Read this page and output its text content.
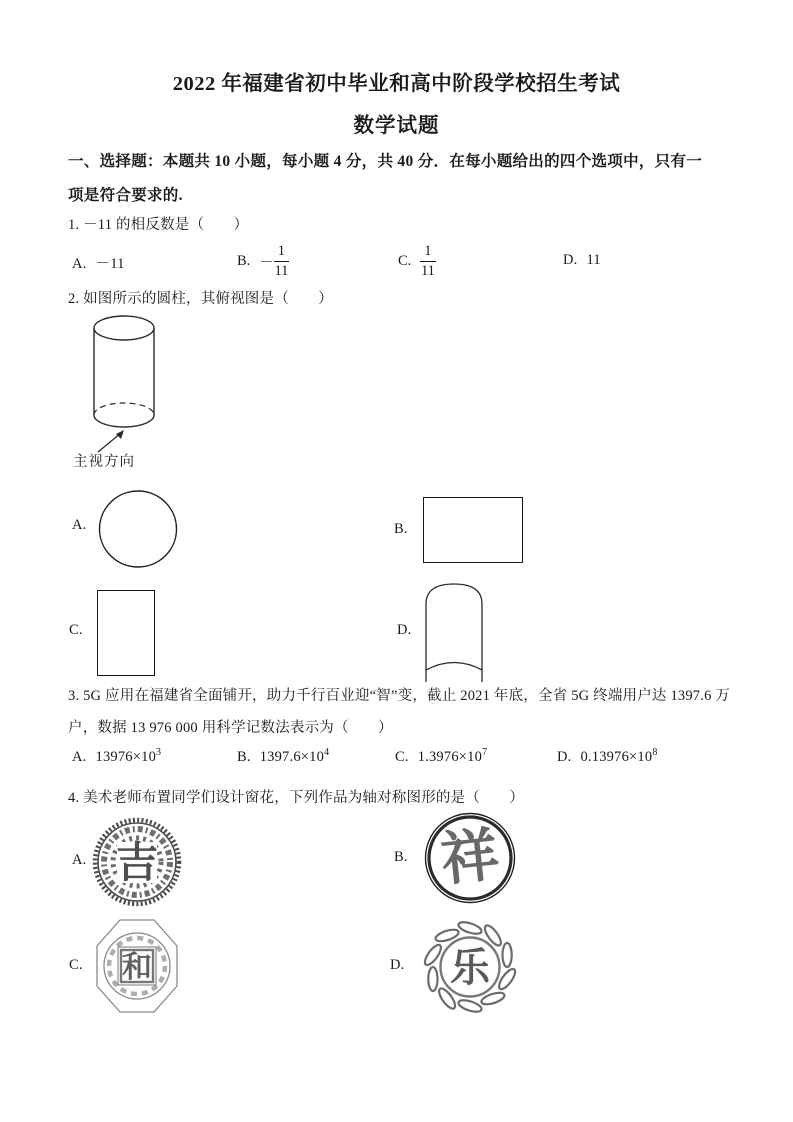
2022 年福建省初中毕业和高中阶段学校招生考试
数学试题
一、选择题：本题共 10 小题，每小题 4 分，共 40 分．在每小题给出的四个选项中，只有一
项是符合要求的.
1. －11 的相反数是（　　）
A. －11	B. － $\frac{1}{11}$	C. $\frac{1}{11}$	D. 11
2. 如图所示的圆柱，其俯视图是（　　）
主视方向
A.	B.
C.	D.
3. 5G 应用在福建省全面铺开，助力千行百业迎“智”变，截止 2021 年底，全省 5G 终端用户达 1397.6 万
户，数据 13 976 000 用科学记数法表示为（　　）
A. $13976\times 10^3$	B. $1397.6\times 10^4$	C. $1.3976\times 10^7$	D. $0.13976\times 10^8$
4. 美术老师布置同学们设计窗花，下列作品为轴对称图形的是（　　）
A. 吉	B. 祥
C. 和	D. 乐
